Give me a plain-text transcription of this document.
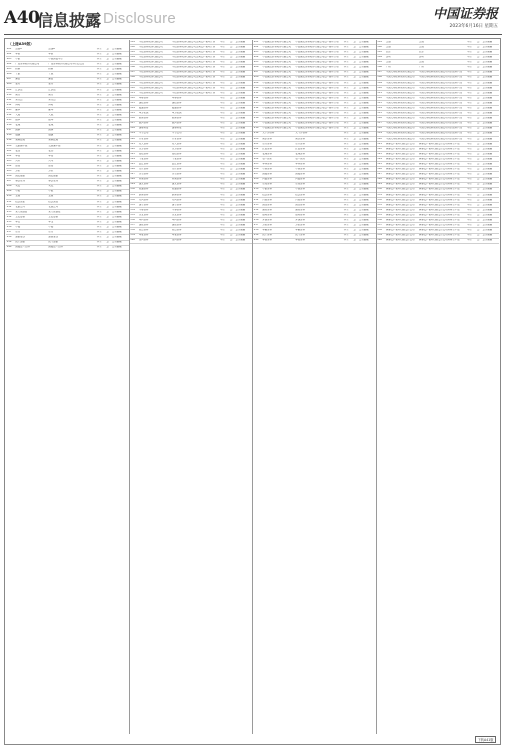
A40
信息披露 Disclosure	中国证券报
2023年6月16日 星期五
（上接A39版）
001	富国A	富国B	基金	是	是否限额
002	华夏	华夏	基金	是	是否限额
003	中银	中银纯债基金	基金	是	是否限额
004	广发证券股份有限公司	广发证券股份有限公司基金投资者	基金	是	是否限额
005	招商	招商	基金	是	是否限额
006	工银	工银	基金	是	是否限额
007	建信	建信	基金	是	是否限额
008	嘉实	嘉实	基金	是	是否限额
009	汇添富	汇添富	基金	是	是否限额
010	南方	南方	基金	是	是否限额
011	易方达	易方达	基金	是	是否限额
012	博时	博时	基金	是	是否限额
013	鹏华	鹏华	基金	是	是否限额
014	大成	大成	基金	是	是否限额
015	银华	银华	基金	是	是否限额
016	长城	长城	基金	是	是否限额
017	国泰	国泰	基金	是	是否限额
018	融通	融通	基金	是	是否限额
019	景顺长城	景顺长城	基金	是	是否限额
020	交银施罗德	交银施罗德	基金	是	是否限额
021	长盛	长盛	基金	是	是否限额
022	华安	华安	基金	是	是否限额
023	兴全	兴全	基金	是	是否限额
024	诺安	诺安	基金	是	是否限额
025	万家	万家	基金	是	是否限额
026	国投瑞银	国投瑞银	基金	是	是否限额
027	泰达宏利	泰达宏利	基金	是	是否限额
028	天弘	天弘	基金	是	是否限额
029	中欧	中欧	基金	是	是否限额
030	宝盈	宝盈	基金	是	是否限额
031	信达澳亚	信达澳亚	基金	是	是否限额
032	农银汇理	农银汇理	基金	是	是否限额
033	光大保德信	光大保德信	基金	是	是否限额
034	上投摩根	上投摩根	基金	是	是否限额
035	华宝	华宝	基金	是	是否限额
036	中海	中海	基金	是	是否限额
037	东方	东方	基金	是	是否限额
038	浦银安盛	浦银安盛	基金	是	是否限额
039	民生加银	民生加银	基金	是	是否限额
040	国海富兰克林	国海富兰克林	基金	是	是否限额
101	中信证券股份有限公司	中信证券股份有限公司定向资产管理计划	基金	是	是否限额
102	中信证券股份有限公司	中信证券股份有限公司定向资产管理计划	基金	是	是否限额
103	中信证券股份有限公司	中信证券股份有限公司定向资产管理计划	基金	是	是否限额
104	中信证券股份有限公司	中信证券股份有限公司定向资产管理计划	基金	是	是否限额
105	中信证券股份有限公司	中信证券股份有限公司定向资产管理计划	基金	是	是否限额
106	中信证券股份有限公司	中信证券股份有限公司定向资产管理计划	基金	是	是否限额
107	中信证券股份有限公司	中信证券股份有限公司定向资产管理计划	基金	是	是否限额
108	中信证券股份有限公司	中信证券股份有限公司定向资产管理计划	基金	是	是否限额
109	中信证券股份有限公司	中信证券股份有限公司定向资产管理计划	基金	是	是否限额
110	中信证券股份有限公司	中信证券股份有限公司定向资产管理计划	基金	是	是否限额
111	中信证券股份有限公司	中信证券股份有限公司定向资产管理计划	基金	是	是否限额
112	华泰证券	华泰证券	基金	是	是否限额
113	国信证券	国信证券	基金	是	是否限额
114	海通证券	海通证券	基金	是	是否限额
115	申万宏源	申万宏源	基金	是	是否限额
116	招商证券	招商证券	基金	是	是否限额
117	银河证券	银河证券	基金	是	是否限额
118	国泰君安	国泰君安	基金	是	是否限额
119	中金公司	中金公司	基金	是	是否限额
120	兴业证券	兴业证券	基金	是	是否限额
121	光大证券	光大证券	基金	是	是否限额
122	东方证券	东方证券	基金	是	是否限额
123	安信证券	安信证券	基金	是	是否限额
124	平安证券	平安证券	基金	是	是否限额
125	长江证券	长江证券	基金	是	是否限额
126	方正证券	方正证券	基金	是	是否限额
127	东吴证券	东吴证券	基金	是	是否限额
128	西南证券	西南证券	基金	是	是否限额
129	国元证券	国元证券	基金	是	是否限额
130	财通证券	财通证券	基金	是	是否限额
131	浙商证券	浙商证券	基金	是	是否限额
132	天风证券	天风证券	基金	是	是否限额
133	国金证券	国金证券	基金	是	是否限额
134	中泰证券	中泰证券	基金	是	是否限额
135	东北证券	东北证券	基金	是	是否限额
136	华西证券	华西证券	基金	是	是否限额
137	国联证券	国联证券	基金	是	是否限额
138	财达证券	财达证券	基金	是	是否限额
139	华安证券	华安证券	基金	是	是否限额
140	山西证券	山西证券	基金	是	是否限额
201	中信建投证券股份有限公司	中信建投证券股份有限公司资产管理计划	基金	是	是否限额
202	中信建投证券股份有限公司	中信建投证券股份有限公司资产管理计划	基金	是	是否限额
203	中信建投证券股份有限公司	中信建投证券股份有限公司资产管理计划	基金	是	是否限额
204	中信建投证券股份有限公司	中信建投证券股份有限公司资产管理计划	基金	是	是否限额
205	中信建投证券股份有限公司	中信建投证券股份有限公司资产管理计划	基金	是	是否限额
206	中信建投证券股份有限公司	中信建投证券股份有限公司资产管理计划	基金	是	是否限额
207	中信建投证券股份有限公司	中信建投证券股份有限公司资产管理计划	基金	是	是否限额
208	中信建投证券股份有限公司	中信建投证券股份有限公司资产管理计划	基金	是	是否限额
209	中信建投证券股份有限公司	中信建投证券股份有限公司资产管理计划	基金	是	是否限额
210	中信建投证券股份有限公司	中信建投证券股份有限公司资产管理计划	基金	是	是否限额
211	中信建投证券股份有限公司	中信建投证券股份有限公司资产管理计划	基金	是	是否限额
212	中信建投证券股份有限公司	中信建投证券股份有限公司资产管理计划	基金	是	是否限额
213	中信建投证券股份有限公司	中信建投证券股份有限公司资产管理计划	基金	是	是否限额
214	中信建投证券股份有限公司	中信建投证券股份有限公司资产管理计划	基金	是	是否限额
215	中信建投证券股份有限公司	中信建投证券股份有限公司资产管理计划	基金	是	是否限额
216	中信建投证券股份有限公司	中信建投证券股份有限公司资产管理计划	基金	是	是否限额
217	中信建投证券股份有限公司	中信建投证券股份有限公司资产管理计划	基金	是	是否限额
218	中信建投证券股份有限公司	中信建投证券股份有限公司资产管理计划	基金	是	是否限额
219	太平洋证券	太平洋证券	基金	是	是否限额
220	南京证券	南京证券	基金	是	是否限额
221	东兴证券	东兴证券	基金	是	是否限额
222	红塔证券	红塔证券	基金	是	是否限额
223	长城证券	长城证券	基金	是	是否限额
224	第一创业	第一创业	基金	是	是否限额
225	华林证券	华林证券	基金	是	是否限额
226	中原证券	中原证券	基金	是	是否限额
227	国海证券	国海证券	基金	是	是否限额
228	西部证券	西部证券	基金	是	是否限额
229	东莞证券	东莞证券	基金	是	是否限额
230	中银证券	中银证券	基金	是	是否限额
231	信达证券	信达证券	基金	是	是否限额
232	首创证券	首创证券	基金	是	是否限额
233	国盛证券	国盛证券	基金	是	是否限额
234	湘财证券	湘财证券	基金	是	是否限额
235	德邦证券	德邦证券	基金	是	是否限额
236	开源证券	开源证券	基金	是	是否限额
237	万联证券	万联证券	基金	是	是否限额
238	华鑫证券	华鑫证券	基金	是	是否限额
239	民生证券	民生证券	基金	是	是否限额
240	华创证券	华创证券	基金	是	是否限额
301	上海	上海	基金	是	是否限额
302	上海	上海	基金	是	是否限额
303	北京	北京	基金	是	是否限额
304	深圳	深圳	基金	是	是否限额
305	上海	上海	基金	是	是否限额
306	广州	广州	基金	是	是否限额
307	中国人寿保险股份有限公司	中国人寿保险股份有限公司分红保险产品	基金	是	是否限额
308	中国人寿保险股份有限公司	中国人寿保险股份有限公司分红保险产品	基金	是	是否限额
309	中国人寿保险股份有限公司	中国人寿保险股份有限公司分红保险产品	基金	是	是否限额
310	中国人寿保险股份有限公司	中国人寿保险股份有限公司分红保险产品	基金	是	是否限额
311	中国人寿保险股份有限公司	中国人寿保险股份有限公司分红保险产品	基金	是	是否限额
312	中国人寿保险股份有限公司	中国人寿保险股份有限公司分红保险产品	基金	是	是否限额
313	中国人寿保险股份有限公司	中国人寿保险股份有限公司分红保险产品	基金	是	是否限额
314	中国人寿保险股份有限公司	中国人寿保险股份有限公司分红保险产品	基金	是	是否限额
315	中国人寿保险股份有限公司	中国人寿保险股份有限公司分红保险产品	基金	是	是否限额
316	中国人寿保险股份有限公司	中国人寿保险股份有限公司分红保险产品	基金	是	是否限额
317	中国人寿保险股份有限公司	中国人寿保险股份有限公司分红保险产品	基金	是	是否限额
318	中国人寿保险股份有限公司	中国人寿保险股份有限公司分红保险产品	基金	是	是否限额
319	中国人寿保险股份有限公司	中国人寿保险股份有限公司分红保险产品	基金	是	是否限额
320	中国人寿保险股份有限公司	中国人寿保险股份有限公司分红保险产品	基金	是	是否限额
321	泰康资产管理有限责任公司	泰康资产管理有限责任公司养老金产品	基金	是	是否限额
322	泰康资产管理有限责任公司	泰康资产管理有限责任公司养老金产品	基金	是	是否限额
323	泰康资产管理有限责任公司	泰康资产管理有限责任公司养老金产品	基金	是	是否限额
324	泰康资产管理有限责任公司	泰康资产管理有限责任公司养老金产品	基金	是	是否限额
325	泰康资产管理有限责任公司	泰康资产管理有限责任公司养老金产品	基金	是	是否限额
326	泰康资产管理有限责任公司	泰康资产管理有限责任公司养老金产品	基金	是	是否限额
327	泰康资产管理有限责任公司	泰康资产管理有限责任公司养老金产品	基金	是	是否限额
328	泰康资产管理有限责任公司	泰康资产管理有限责任公司养老金产品	基金	是	是否限额
329	泰康资产管理有限责任公司	泰康资产管理有限责任公司养老金产品	基金	是	是否限额
330	泰康资产管理有限责任公司	泰康资产管理有限责任公司养老金产品	基金	是	是否限额
331	泰康资产管理有限责任公司	泰康资产管理有限责任公司养老金产品	基金	是	是否限额
332	泰康资产管理有限责任公司	泰康资产管理有限责任公司养老金产品	基金	是	是否限额
333	泰康资产管理有限责任公司	泰康资产管理有限责任公司养老金产品	基金	是	是否限额
334	泰康资产管理有限责任公司	泰康资产管理有限责任公司养老金产品	基金	是	是否限额
335	泰康资产管理有限责任公司	泰康资产管理有限责任公司养老金产品	基金	是	是否限额
336	泰康资产管理有限责任公司	泰康资产管理有限责任公司养老金产品	基金	是	是否限额
337	泰康资产管理有限责任公司	泰康资产管理有限责任公司养老金产品	基金	是	是否限额
338	泰康资产管理有限责任公司	泰康资产管理有限责任公司养老金产品	基金	是	是否限额
339	泰康资产管理有限责任公司	泰康资产管理有限责任公司养老金产品	基金	是	是否限额
340	泰康资产管理有限责任公司	泰康资产管理有限责任公司养老金产品	基金	是	是否限额
下转A41版
